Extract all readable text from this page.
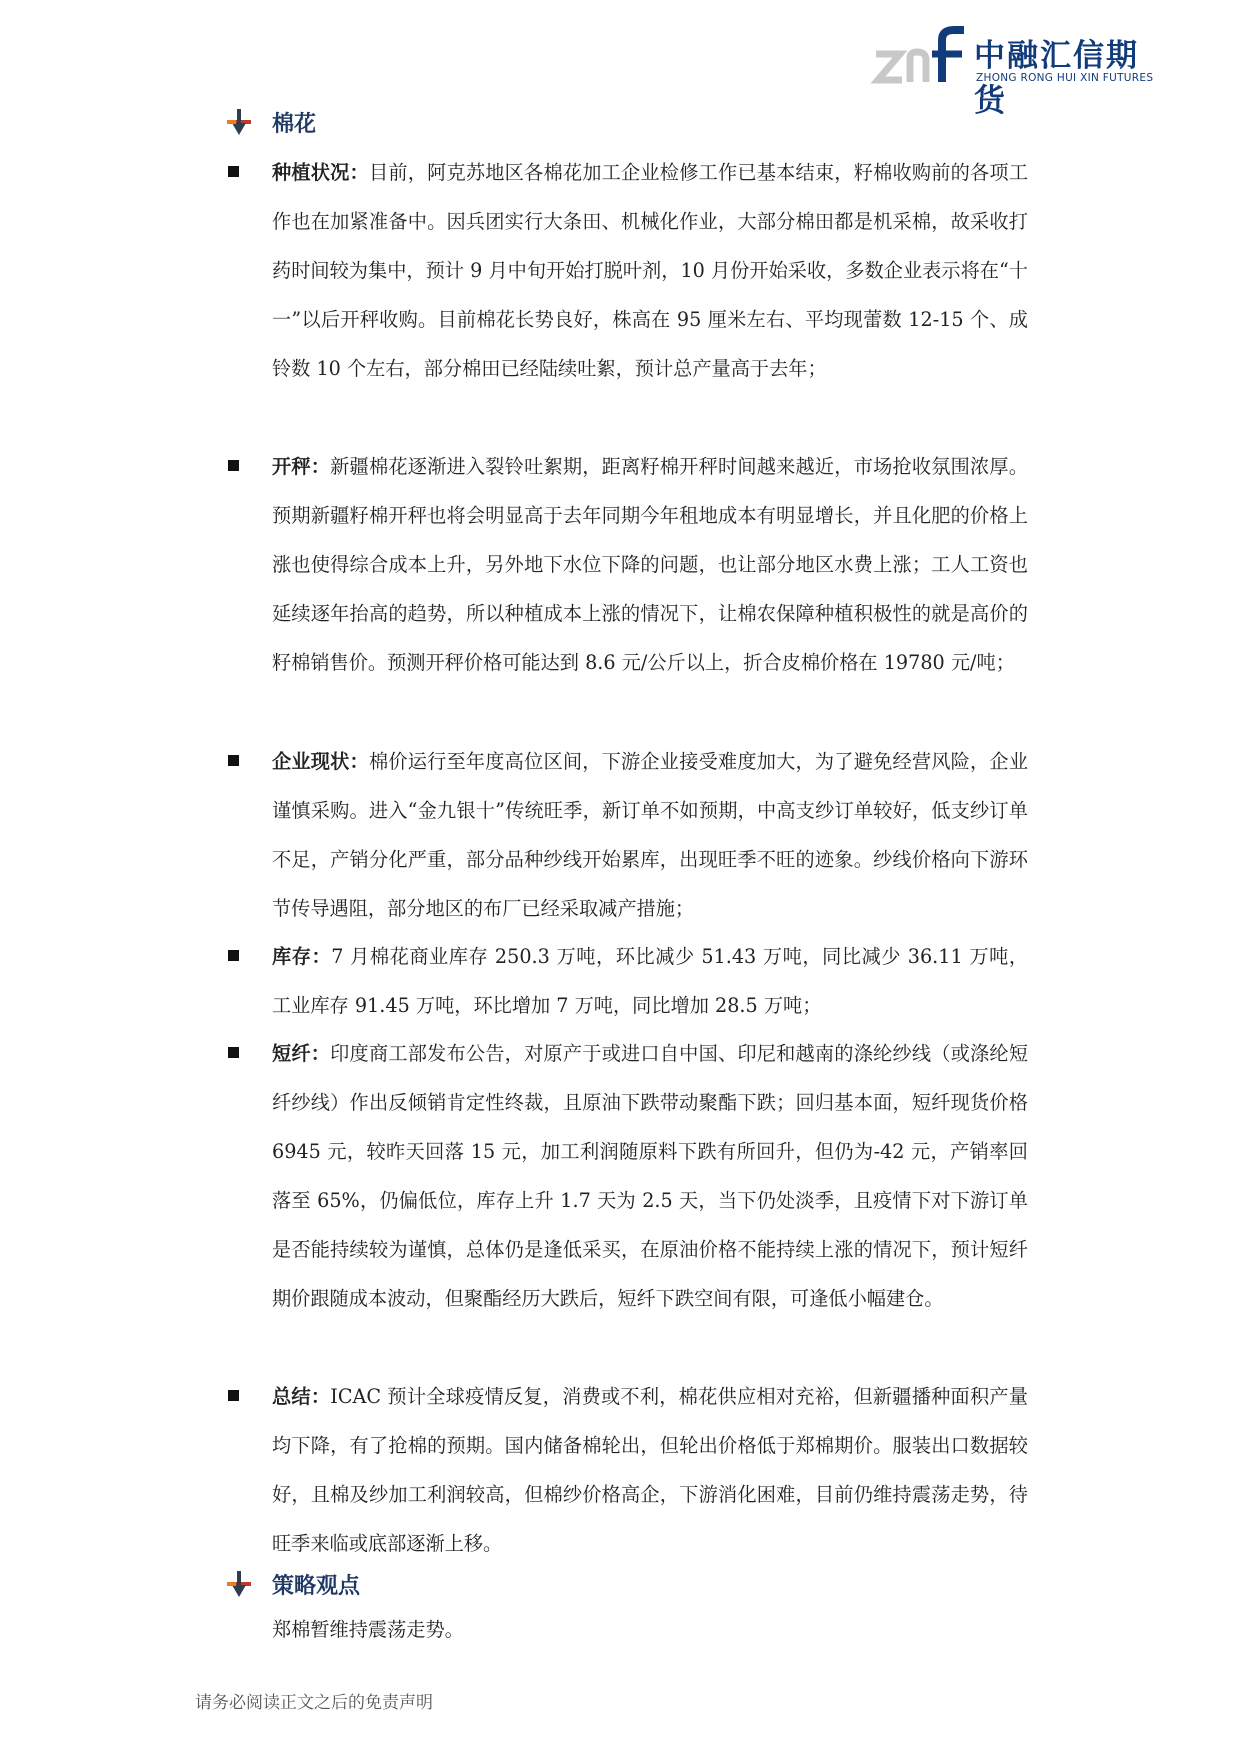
中融汇信期货
ZHONG RONG HUI XIN FUTURES
棉花
种植状况：目前，阿克苏地区各棉花加工企业检修工作已基本结束，籽棉收购前的各项工作也在加紧准备中。因兵团实行大条田、机械化作业，大部分棉田都是机采棉，故采收打药时间较为集中，预计 9 月中旬开始打脱叶剂，10 月份开始采收，多数企业表示将在“十一”以后开秤收购。目前棉花长势良好，株高在 95 厘米左右、平均现蕾数 12-15 个、成铃数 10 个左右，部分棉田已经陆续吐絮，预计总产量高于去年；
开秤：新疆棉花逐渐进入裂铃吐絮期，距离籽棉开秤时间越来越近，市场抢收氛围浓厚。预期新疆籽棉开秤也将会明显高于去年同期今年租地成本有明显增长，并且化肥的价格上涨也使得综合成本上升，另外地下水位下降的问题，也让部分地区水费上涨；工人工资也延续逐年抬高的趋势，所以种植成本上涨的情况下，让棉农保障种植积极性的就是高价的籽棉销售价。预测开秤价格可能达到 8.6 元/公斤以上，折合皮棉价格在 19780 元/吨；
企业现状：棉价运行至年度高位区间，下游企业接受难度加大，为了避免经营风险，企业谨慎采购。进入“金九银十”传统旺季，新订单不如预期，中高支纱订单较好，低支纱订单不足，产销分化严重，部分品种纱线开始累库，出现旺季不旺的迹象。纱线价格向下游环节传导遇阻，部分地区的布厂已经采取减产措施；
库存：7 月棉花商业库存 250.3 万吨，环比减少 51.43 万吨，同比减少 36.11 万吨，工业库存 91.45 万吨，环比增加 7 万吨，同比增加 28.5 万吨；
短纤：印度商工部发布公告，对原产于或进口自中国、印尼和越南的涤纶纱线（或涤纶短纤纱线）作出反倾销肯定性终裁，且原油下跌带动聚酯下跌；回归基本面，短纤现货价格 6945 元，较昨天回落 15 元，加工利润随原料下跌有所回升，但仍为-42 元，产销率回落至 65%，仍偏低位，库存上升 1.7 天为 2.5 天，当下仍处淡季，且疫情下对下游订单是否能持续较为谨慎，总体仍是逢低采买，在原油价格不能持续上涨的情况下，预计短纤期价跟随成本波动，但聚酯经历大跌后，短纤下跌空间有限，可逢低小幅建仓。
总结：ICAC 预计全球疫情反复，消费或不利，棉花供应相对充裕，但新疆播种面积产量均下降，有了抢棉的预期。国内储备棉轮出，但轮出价格低于郑棉期价。服装出口数据较好，且棉及纱加工利润较高，但棉纱价格高企，下游消化困难，目前仍维持震荡走势，待旺季来临或底部逐渐上移。
策略观点
郑棉暂维持震荡走势。
请务必阅读正文之后的免责声明
